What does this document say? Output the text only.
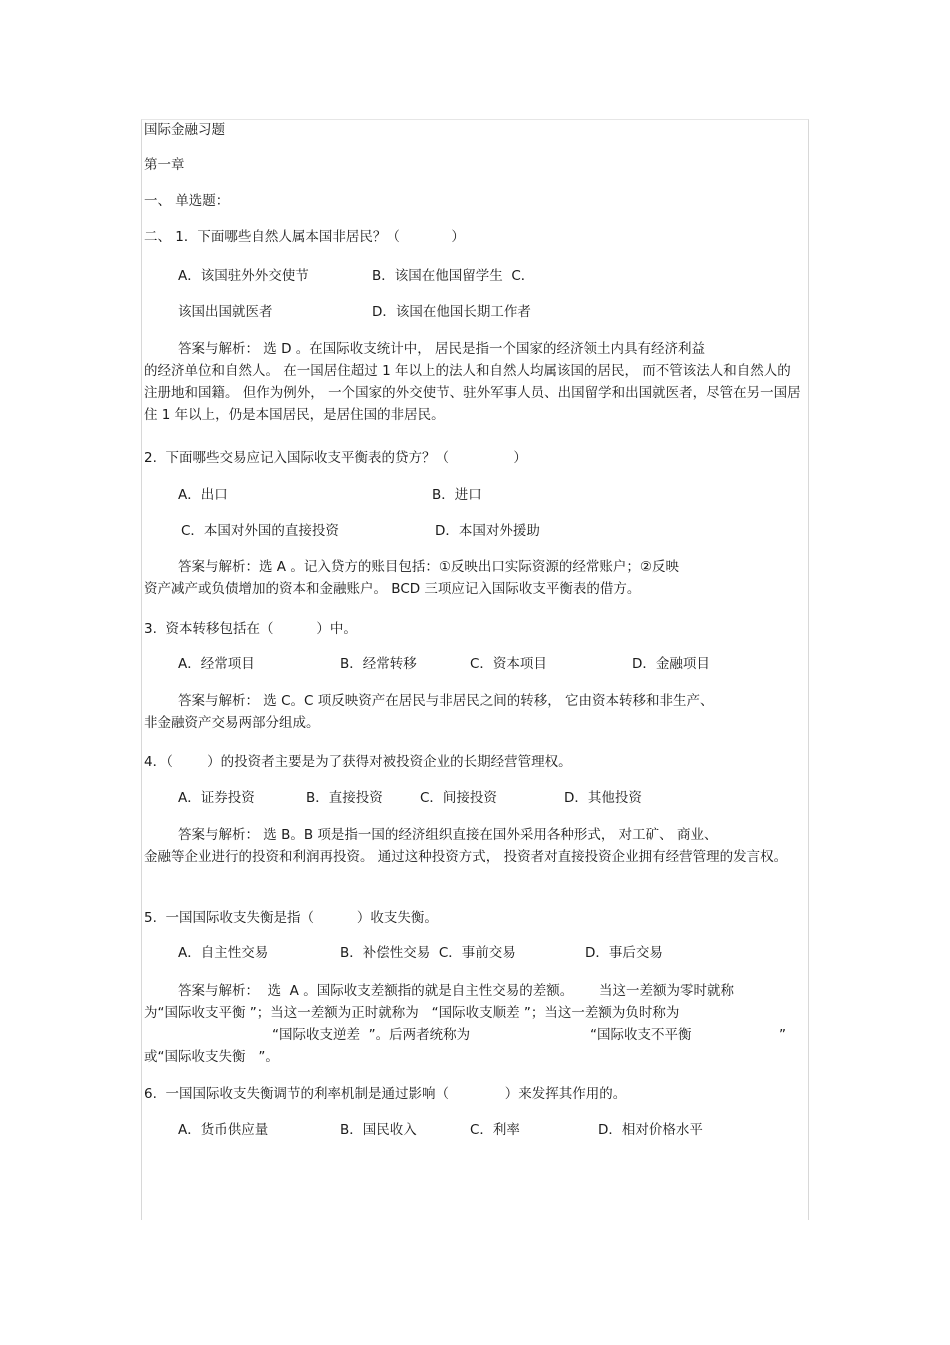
国际金融习题
第一章
一、 单选题：
二、 1．下面哪些自然人属本国非居民？（            ）
A．该国驻外外交使节	B．该国在他国留学生  C．
该国出国就医者	D．该国在他国长期工作者
答案与解析： 选 D 。在国际收支统计中， 居民是指一个国家的经济领土内具有经济利益
的经济单位和自然人。 在一国居住超过 1 年以上的法人和自然人均属该国的居民， 而不管该法人和自然人的注册地和国籍。 但作为例外， 一个国家的外交使节、驻外军事人员、出国留学和出国就医者，尽管在另一国居住 1 年以上，仍是本国居民，是居住国的非居民。
2.  下面哪些交易应记入国际收支平衡表的贷方？（               ）
A．出口	B．进口
C．本国对外国的直接投资	D．本国对外援助
答案与解析：选 A 。记入贷方的账目包括：①反映出口实际资源的经常账户；②反映
资产减产或负债增加的资本和金融账户。 BCD 三项应记入国际收支平衡表的借方。
3.  资本转移包括在（          ）中。
A．经常项目	B．经常转移	C．资本项目	D．金融项目
答案与解析： 选 C。C 项反映资产在居民与非居民之间的转移， 它由资本转移和非生产、
非金融资产交易两部分组成。
4．（        ）的投资者主要是为了获得对被投资企业的长期经营管理权。
A．证券投资	B．直接投资	C．间接投资	D．其他投资
答案与解析： 选 B。B 项是指一国的经济组织直接在国外采用各种形式， 对工矿、 商业、
金融等企业进行的投资和利润再投资。 通过这种投资方式， 投资者对直接投资企业拥有经营管理的发言权。
5.  一国国际收支失衡是指（          ）收支失衡。
A．自主性交易	B．补偿性交易  C．事前交易	D．事后交易
答案与解析：  选  A 。国际收支差额指的就是自主性交易的差额。      当这一差额为零时就称
为“国际收支平衡 ”；当这一差额为正时就称为   “国际收支顺差 ”；当这一差额为负时称为
“国际收支逆差  ”。后两者统称为	“国际收支不平衡	”
或“国际收支失衡   ”。
6.  一国国际收支失衡调节的利率机制是通过影响（             ）来发挥其作用的。
A．货币供应量	B．国民收入	C．利率	D．相对价格水平
